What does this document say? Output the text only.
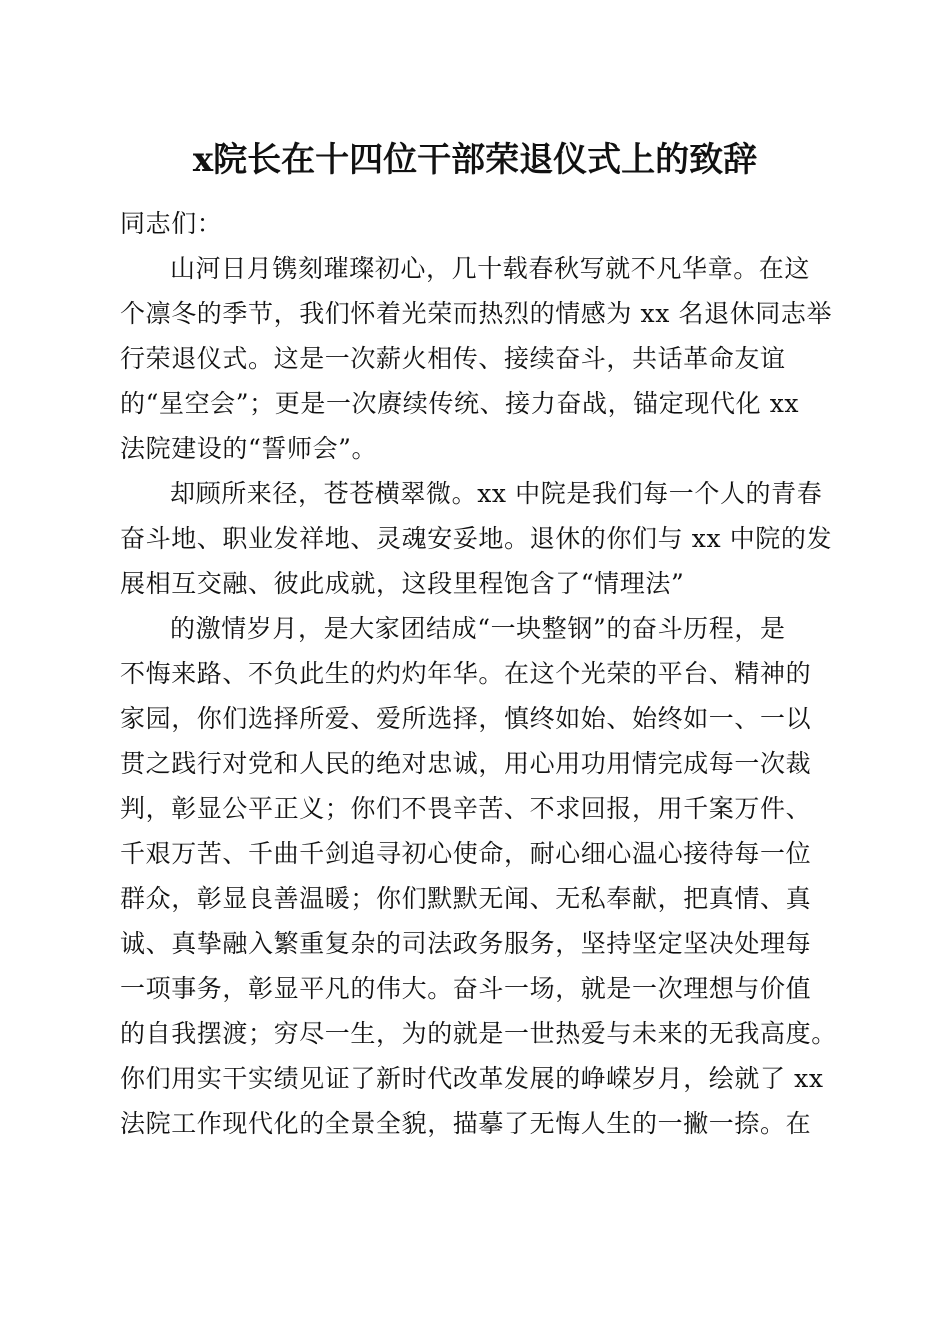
x院长在十四位干部荣退仪式上的致辞
同志们：
山河日月镌刻璀璨初心，几十载春秋写就不凡华章。在这
个凛冬的季节，我们怀着光荣而热烈的情感为 xx 名退休同志举
行荣退仪式。这是一次薪火相传、接续奋斗，共话革命友谊
的“星空会”；更是一次赓续传统、接力奋战，锚定现代化 xx
法院建设的“誓师会”。
却顾所来径，苍苍横翠微。xx 中院是我们每一个人的青春
奋斗地、职业发祥地、灵魂安妥地。退休的你们与 xx 中院的发
展相互交融、彼此成就，这段里程饱含了“情理法”
的激情岁月，是大家团结成“一块整钢”的奋斗历程，是
不悔来路、不负此生的灼灼年华。在这个光荣的平台、精神的
家园，你们选择所爱、爱所选择，慎终如始、始终如一、一以
贯之践行对党和人民的绝对忠诚，用心用功用情完成每一次裁
判，彰显公平正义；你们不畏辛苦、不求回报，用千案万件、
千艰万苦、千曲千剑追寻初心使命，耐心细心温心接待每一位
群众，彰显良善温暖；你们默默无闻、无私奉献，把真情、真
诚、真挚融入繁重复杂的司法政务服务，坚持坚定坚决处理每
一项事务，彰显平凡的伟大。奋斗一场，就是一次理想与价值
的自我摆渡；穷尽一生，为的就是一世热爱与未来的无我高度。
你们用实干实绩见证了新时代改革发展的峥嵘岁月，绘就了 xx
法院工作现代化的全景全貌，描摹了无悔人生的一撇一捺。在
